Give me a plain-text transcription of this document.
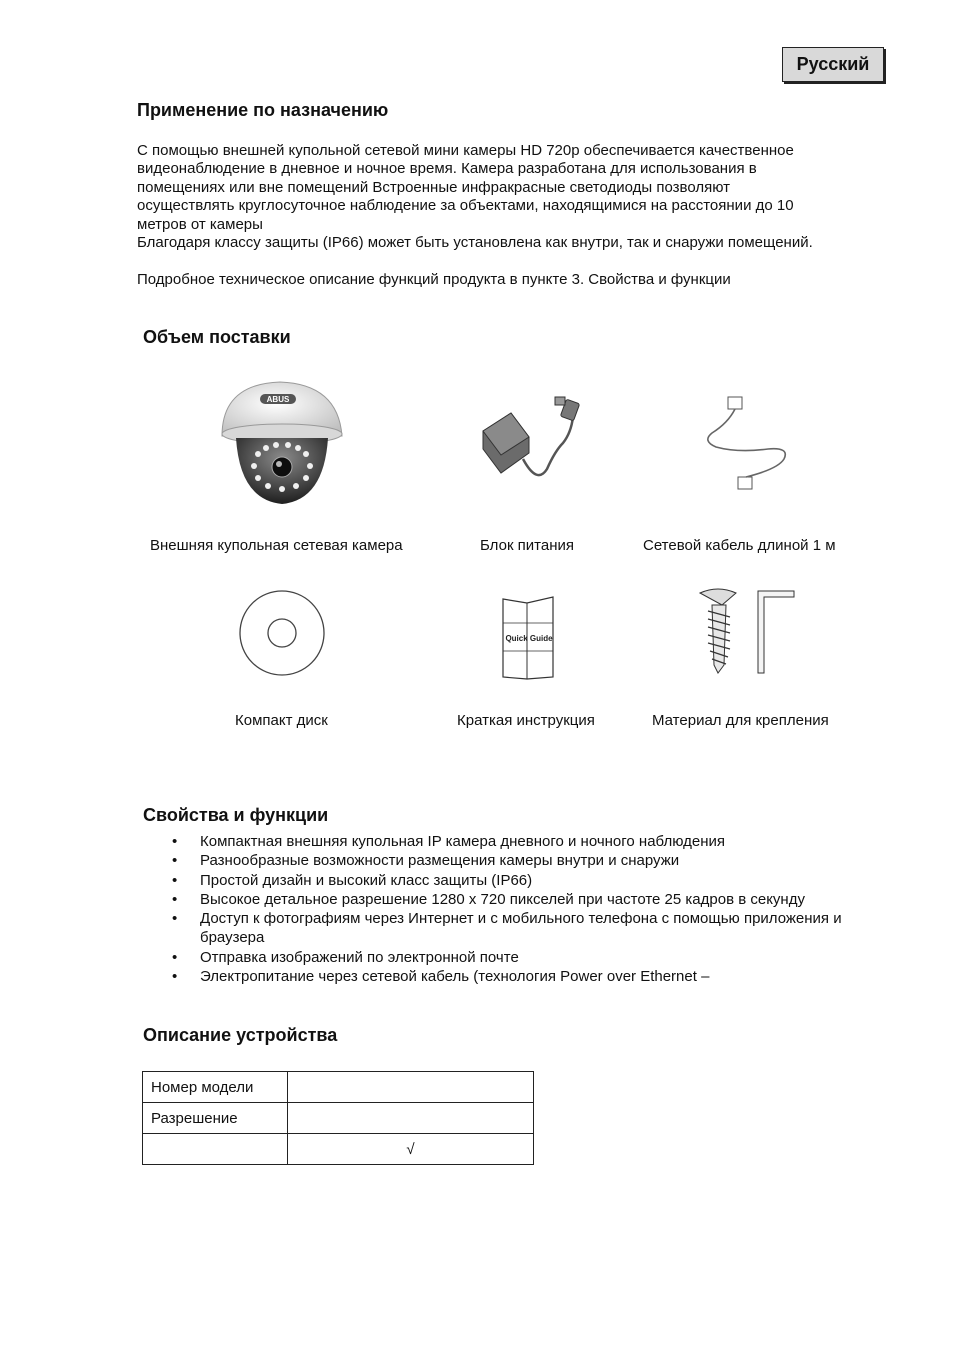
Русский
Применение по назначению
С помощью внешней купольной сетевой мини камеры HD 720p обеспечивается качественное
видеонаблюдение в дневное и ночное время. Камера разработана для использования в
помещениях или вне помещений Встроенные инфракрасные светодиоды позволяют
осуществлять круглосуточное наблюдение за объектами, находящимися на расстоянии до 10
метров от камеры
Благодаря классу защиты (IP66) может быть установлена как внутри, так и снаружи помещений.
Подробное техническое описание функций продукта в пункте 3. Свойства и функции
Объем поставки
ABUS
Внешняя купольная сетевая камера	Блок питания	Сетевой кабель длиной 1 м
Quick Guide
Компакт диск	Краткая инструкция	Материал для крепления
Свойства и функции
• Компактная внешняя купольная IP камера дневного и ночного наблюдения
• Разнообразные возможности размещения камеры внутри и снаружи
• Простой дизайн и высокий класс защиты (IP66)
• Высокое детальное разрешение 1280 x 720 пикселей при частоте 25 кадров в секунду
• Доступ к фотографиям через Интернет и с мобильного телефона с помощью приложения и браузера
• Отправка изображений по электронной почте
• Электропитание через сетевой кабель (технология Power over Ethernet –
Описание устройства
Номер модели	
Разрешение	
	√
